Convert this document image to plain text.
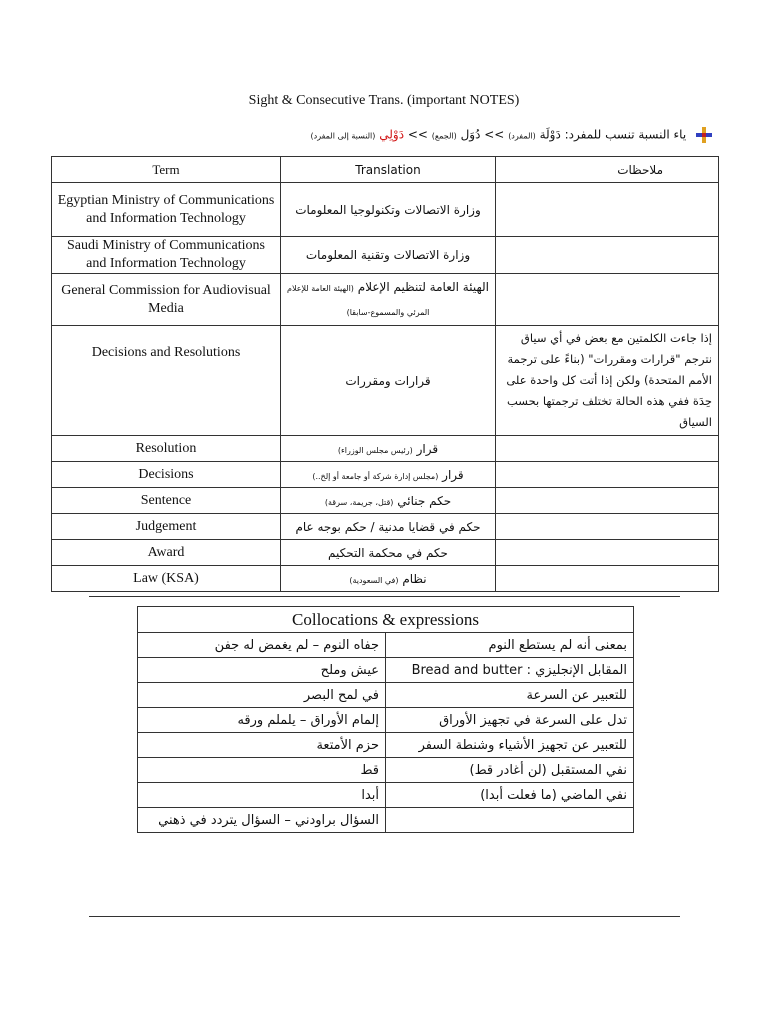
Sight & Consecutive Trans. (important NOTES)
ياء النسبة تنسب للمفرد: دَوْلَة (المفرد) >> دُوَل (الجمع) >> دَوْلِي (النسبة إلى المفرد)
Term	Translation	ملاحظات
Egyptian Ministry of Communications and Information Technology	وزارة الاتصالات وتكنولوجيا المعلومات	
Saudi Ministry of Communications and Information Technology	وزارة الاتصالات وتقنية المعلومات	
General Commission for Audiovisual Media	الهيئة العامة لتنظيم الإعلام (الهيئة العامة للإعلام المرئي والمسموع-سابقا)	
Decisions and Resolutions	قرارات ومقررات	إذا جاءت الكلمتين مع بعض في أي سياق نترجم "قرارات ومقررات" (بناءً على ترجمة الأمم المتحدة) ولكن إذا أتت كل واحدة على حِدَة ففي هذه الحالة تختلف ترجمتها بحسب السياق
Resolution	قرار (رئيس مجلس الوزراء)	
Decisions	قرار (مجلس إدارة شركة أو جامعة أو إلخ..)	
Sentence	حكم جنائي (قتل، جريمة، سرقة)	
Judgement	حكم في قضايا مدنية / حكم بوجه عام	
Award	حكم في محكمة التحكيم	
Law (KSA)	نظام (في السعودية)	
Collocations & expressions	
جفاه النوم – لم يغمض له جفن	بمعنى أنه لم يستطع النوم
عيش وملح	المقابل الإنجليزي : Bread and butter
في لمح البصر	للتعبير عن السرعة
إلمام الأوراق – يلملم ورقه	تدل على السرعة في تجهيز الأوراق
حزم الأمتعة	للتعبير عن تجهيز الأشياء وشنطة السفر
قط	نفي المستقبل (لن أغادر قط)
أبدا	نفي الماضي (ما فعلت أبدا)
السؤال براودني – السؤال يتردد في ذهني	
